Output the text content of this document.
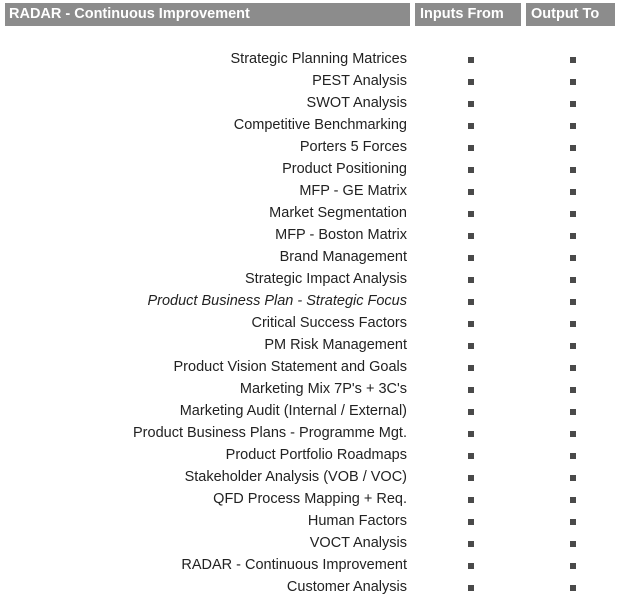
RADAR - Continuous Improvement	Inputs From	Output To
Strategic Planning Matrices
PEST Analysis
SWOT Analysis
Competitive Benchmarking
Porters 5 Forces
Product Positioning
MFP - GE Matrix
Market Segmentation
MFP - Boston Matrix
Brand Management
Strategic Impact Analysis
Product Business Plan - Strategic Focus
Critical Success Factors
PM Risk Management
Product Vision Statement and Goals
Marketing Mix 7P's + 3C's
Marketing Audit (Internal / External)
Product Business Plans - Programme Mgt.
Product Portfolio Roadmaps
Stakeholder Analysis (VOB / VOC)
QFD Process Mapping + Req.
Human Factors
VOCT Analysis
RADAR - Continuous Improvement
Customer Analysis
